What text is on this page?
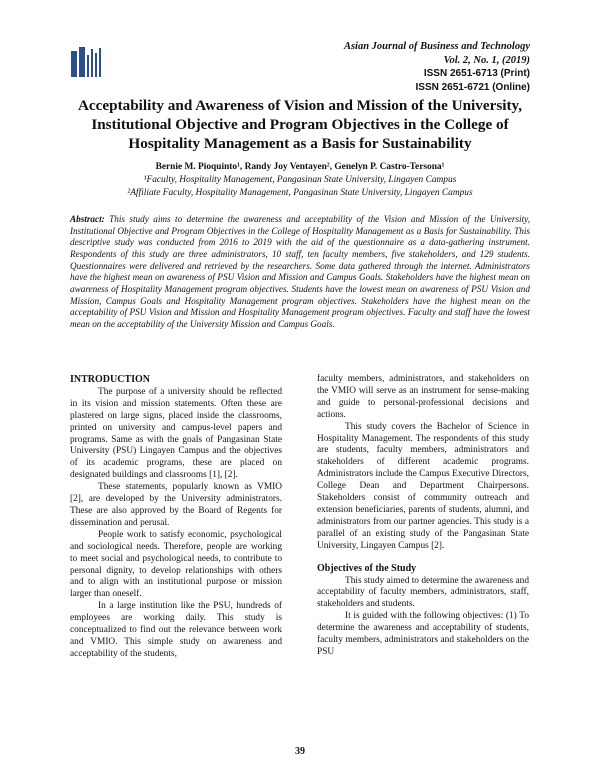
Asian Journal of Business and Technology
Vol. 2, No. 1, (2019)
ISSN 2651-6713 (Print)
ISSN 2651-6721 (Online)
Acceptability and Awareness of Vision and Mission of the University, Institutional Objective and Program Objectives in the College of Hospitality Management as a Basis for Sustainability
Bernie M. Pioquinto¹, Randy Joy Ventayen², Genelyn P. Castro-Tersona¹
¹Faculty, Hospitality Management, Pangasinan State University, Lingayen Campus
²Affiliate Faculty, Hospitality Management, Pangasinan State University, Lingayen Campus
Abstract: This study aims to determine the awareness and acceptability of the Vision and Mission of the University, Institutional Objective and Program Objectives in the College of Hospitality Management as a Basis for Sustainability. This descriptive study was conducted from 2016 to 2019 with the aid of the questionnaire as a data-gathering instrument. Respondents of this study are three administrators, 10 staff, ten faculty members, five stakeholders, and 129 students. Questionnaires were delivered and retrieved by the researchers. Some data gathered through the internet. Administrators have the highest mean on awareness of PSU Vision and Mission and Campus Goals. Stakeholders have the highest mean on awareness of Hospitality Management program objectives. Students have the lowest mean on awareness of PSU Vision and Mission, Campus Goals and Hospitality Management program objectives. Stakeholders have the highest mean on the acceptability of PSU Vision and Mission and Hospitality Management program objectives. Faculty and staff have the lowest mean on the acceptability of the University Mission and Campus Goals.
INTRODUCTION

The purpose of a university should be reflected in its vision and mission statements. Often these are plastered on large signs, placed inside the classrooms, printed on university and campus-level papers and programs. Same as with the goals of Pangasinan State University (PSU) Lingayen Campus and the objectives of its academic programs, these are placed on designated buildings and classrooms [1], [2].

These statements, popularly known as VMIO [2], are developed by the University administrators. These are also approved by the Board of Regents for dissemination and perusal.

People work to satisfy economic, psychological and sociological needs. Therefore, people are working to meet social and psychological needs, to contribute to personal dignity, to develop relationships with others and to align with an institutional purpose or mission larger than oneself.

In a large institution like the PSU, hundreds of employees are working daily. This study is conceptualized to find out the relevance between work and VMIO. This simple study on awareness and acceptability of the students,

faculty members, administrators, and stakeholders on the VMIO will serve as an instrument for sense-making and guide to personal-professional decisions and actions.

This study covers the Bachelor of Science in Hospitality Management. The respondents of this study are students, faculty members, administrators and stakeholders of different academic programs. Administrators include the Campus Executive Directors, College Dean and Department Chairpersons. Stakeholders consist of community outreach and extension beneficiaries, parents of students, alumni, and administrators from our partner agencies. This study is a parallel of an existing study of the Pangasinan State University, Lingayen Campus [2].

Objectives of the Study

This study aimed to determine the awareness and acceptability of faculty members, administrators, staff, stakeholders and students.

It is guided with the following objectives: (1) To determine the awareness and acceptability of students, faculty members, administrators and stakeholders on the PSU

39
